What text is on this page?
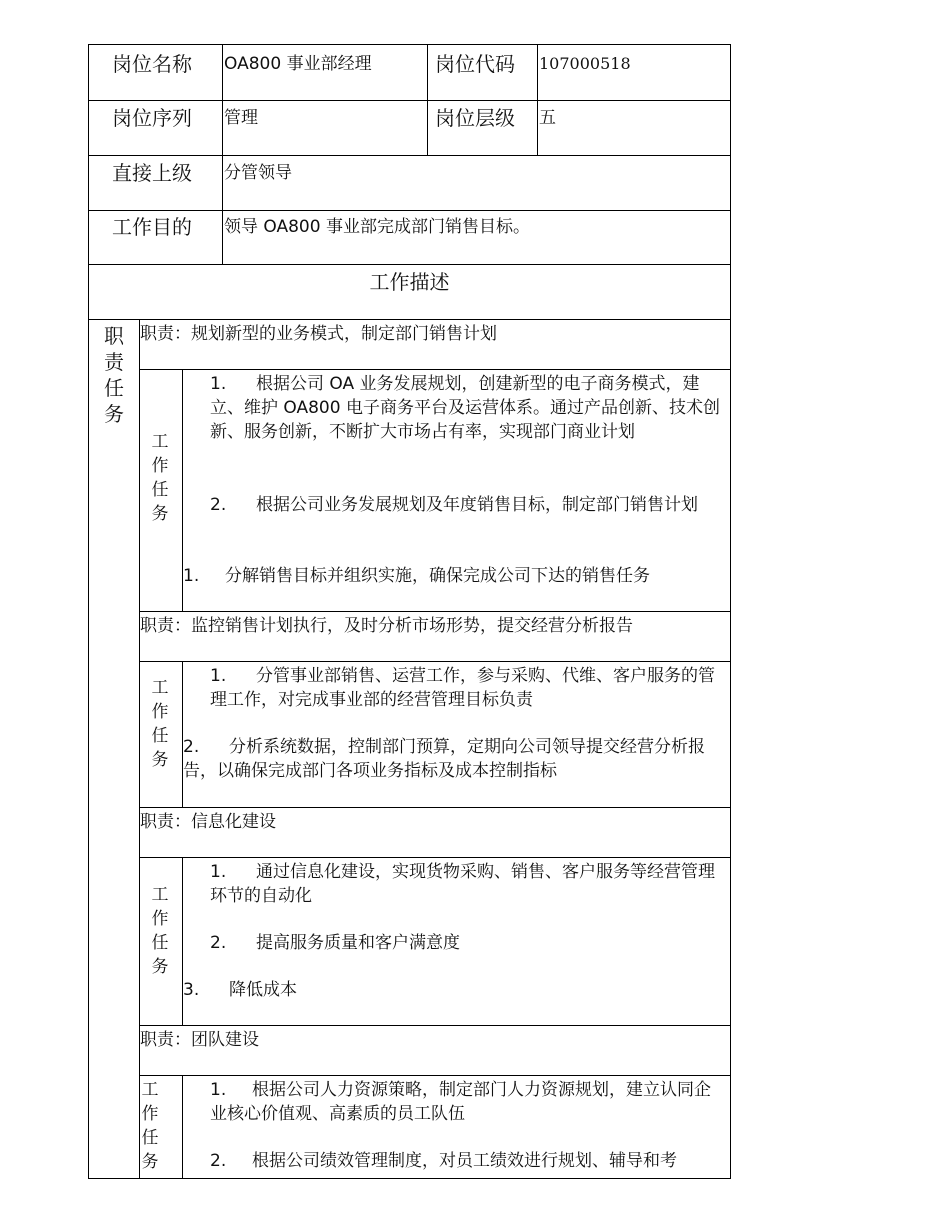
岗位名称 OA800 事业部经理	岗位代码 107000518
岗位序列 管理	岗位层级 五
直接上级 分管领导
工作目的 领导 OA800 事业部完成部门销售目标。
工作描述
职责任务
职责：规划新型的业务模式，制定部门销售计划
工作任务
1. 根据公司 OA 业务发展规划，创建新型的电子商务模式，建立、维护 OA800 电子商务平台及运营体系。通过产品创新、技术创新、服务创新，不断扩大市场占有率，实现部门商业计划
2. 根据公司业务发展规划及年度销售目标，制定部门销售计划
1. 分解销售目标并组织实施，确保完成公司下达的销售任务
职责：监控销售计划执行，及时分析市场形势，提交经营分析报告
工作任务
1. 分管事业部销售、运营工作，参与采购、代维、客户服务的管理工作，对完成事业部的经营管理目标负责
2. 分析系统数据，控制部门预算，定期向公司领导提交经营分析报告，以确保完成部门各项业务指标及成本控制指标
职责：信息化建设
工作任务
1. 通过信息化建设，实现货物采购、销售、客户服务等经营管理环节的自动化
2. 提高服务质量和客户满意度
3. 降低成本
职责：团队建设
工作任务
1. 根据公司人力资源策略，制定部门人力资源规划，建立认同企业核心价值观、高素质的员工队伍
2. 根据公司绩效管理制度，对员工绩效进行规划、辅导和考
